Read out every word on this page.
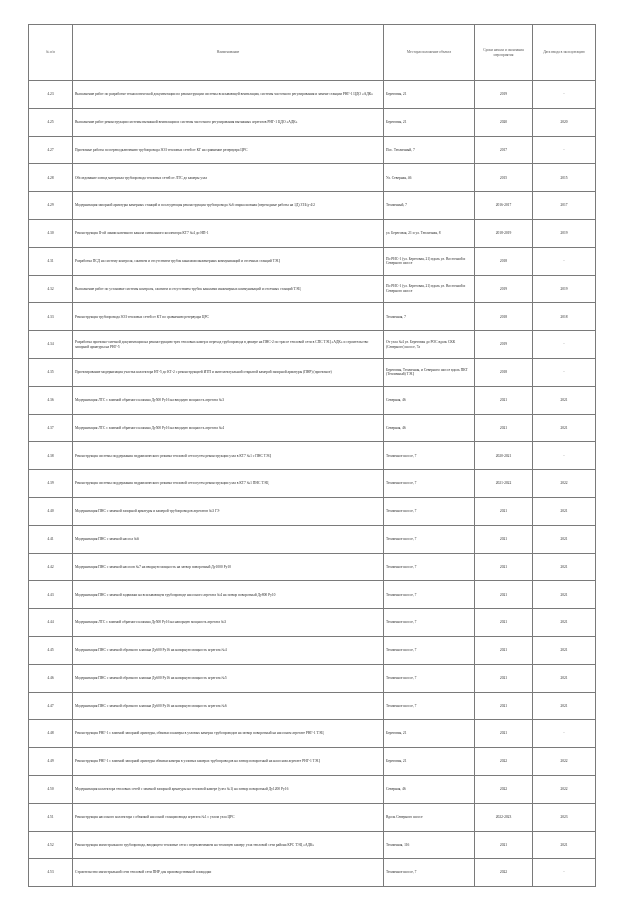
№ п/п	Наименование	Месторасположение объекта	Сроки начала и окончания мероприятия	Дата ввода в эксплуатацию
4.23	Выполнение работ по разработке технологической документации по реконструкции системы всасывающей вентиляции, системы частотного регулирования и замене станции РНГ-1 ЦДО «АДК»	Береговая, 21	2019	-
4.25	Выполнение работ реконструкции системы вытяжной вентиляции и системы частотного регулирования вытяжных агрегатов РНГ-1 ЦДО «АДК»	Береговая, 21	2020	2020
4.27	Проектные работы по переподключению трубопровода ЗОЗ тепловых сетей от КГ на сравнение резервуара ЦРС	Пос. Тепличный, 7	2017	-
4.28	Обследование и ввод материала трубопровода тепловых сетей от ЛТС до камеры узла	Ул. Северная, 46	2015	2015
4.29	Модернизация запорной арматуры камерных станций и последующая реконструкция трубопровода №6 сварка шовная (переходные работы на 1Д) 3Т4/д-4/2	Тепличный, 7	2016-2017	2017
4.30	Реконструкция II-ой линии наземного канала смешанного коллектора КТ7 №4 до НП-1	ул. Береговая, 21 и ул. Тепличная, 8	2018-2019	2019
4.31	Разработка ПСД на систему контроля, сжатием и отсутствием трубок каналами инженерных коммуникаций и отсечных станций ТЭЦ	По РИС-1 (ул. Береговая, 21) вдоль ул. Восточной и Северного шоссе	2018	-
4.32	Выполнение работ по установке системы контроля, сжатием и отсутствием трубок каналами инженерных коммуникаций и отсечных станций ТЭЦ	По РИС-1 (ул. Береговая, 21) вдоль ул. Восточной и Северного шоссе	2019	2019
4.33	Реконструкция трубопровода ЗОЗ тепловых сетей от КТ по сравнению резервуара ЦРС	Тепличная, 7	2018	2018
4.34	Разработка проектно-сметной документации на реконструкцию трех тепловых камер и переход трубопровода в дюкере на ПНС-2 по трассе тепловой сети в СПС ТЭЦ «АДК» и строительство запорной арматуры на РНГ-5	От узла №4 ул. Береговая до РОС вдоль СКК (Северного) шоссе, 7а	2019	-
4.35	Проектирование модернизация участка коллектора НТ-5 до КТ-2 с реконструкцией ИТП и интеллектуальной открытой камерой запорной арматуры (ПНР) (проектное)	Береговая, Тепличная, и Северного шоссе вдоль ПКТ (Тепличный) ТЭЦ	2018	-
4.36	Модернизация ЛТС с заменой обратного клапана Ду500 Ру16 на вводную мощность агрегата №3	Северная, 46	2021	2021
4.37	Модернизация ЛТС с заменой обратного клапана Ду500 Ру16 на вводную мощность агрегата №4	Северная, 46	2021	2021
4.38	Реконструкция системы поддержания гидравлического режима тепловой сети путем реконструкции узла в КТ7 №1 с ПНС ТЭЦ	Тепличное шоссе, 7	2020-2021	-
4.39	Реконструкция системы поддержания гидравлического режима тепловой сети путем реконструкции узла в КТ7 №1 ПНС ТЭЦ	Тепличное шоссе, 7	2021-2022	2022
4.40	Модернизация ПНС с заменой запорной арматуры и камерой трубопроводов агрегатов №3 ГЭ	Тепличное шоссе, 7	2021	2021
4.41	Модернизация ПНС с заменой насоса №6	Тепличное шоссе, 7	2021	2021
4.42	Модернизация ПНС с заменой насосов №7 на вводную мощность на затвор поворотный Ду1000 Ру10	Тепличное шоссе, 7	2021	2021
4.43	Модернизация ПНС с заменой задвижки на всасывающем трубопроводе насосного агрегата №4 на затвор поворотный Ду800 Ру10	Тепличное шоссе, 7	2021	2021
4.44	Модернизация ЛТС с заменой обратного клапана Ду500 Ру16 на напорную мощность агрегата №3	Тепличное шоссе, 7	2021	2021
4.45	Модернизация ПНС с заменой обратного клапана Ду600 Ру16 на напорную мощность агрегата №4	Тепличное шоссе, 7	2021	2021
4.46	Модернизация ПНС с заменой обратного клапана Ду600 Ру16 на напорную мощность агрегата №5	Тепличное шоссе, 7	2021	2021
4.47	Модернизация ПНС с заменой обратного клапана Ду600 Ру16 на напорную мощность агрегата №6	Тепличное шоссе, 7	2021	2021
4.48	Реконструкция РНГ-1 с заменой запорной арматуры, обвязки и камеры в узловых камерах трубопроводов на затвор поворотный на насосном агрегате РНГ-1 ТЭЦ	Береговая, 21	2021	-
4.49	Реконструкция РНГ-1 с заменой запорной арматуры обвязки камеры в узловых камерах трубопроводов на затвор поворотный на насосном агрегате РНГ-1 ТЭЦ	Береговая, 21	2022	2022
4.50	Модернизация коллектора тепловых сетей с заменой запорной арматуры на тепловой камере (узел №1) на затвор поворотный Ду1200 Ру16	Северная, 46	2022	2022
4.51	Реконструкция насосного коллектора с обвязкой насосной станции ввода агрегата №1 с узлом узла ЦРС	Вдоль Северного шоссе	2022-2023	2023
4.52	Реконструкция магистрального трубопровода, вводящего тепловые сети с переключением на тепловую камеру узла тепловой сети района КРС ТЭЦ «АДК»	Тепличная, 116	2021	2021
4.53	Строительство магистральной сети тепловой сети ПНР для производственной площадки	Тепличное шоссе, 7	2022	-
